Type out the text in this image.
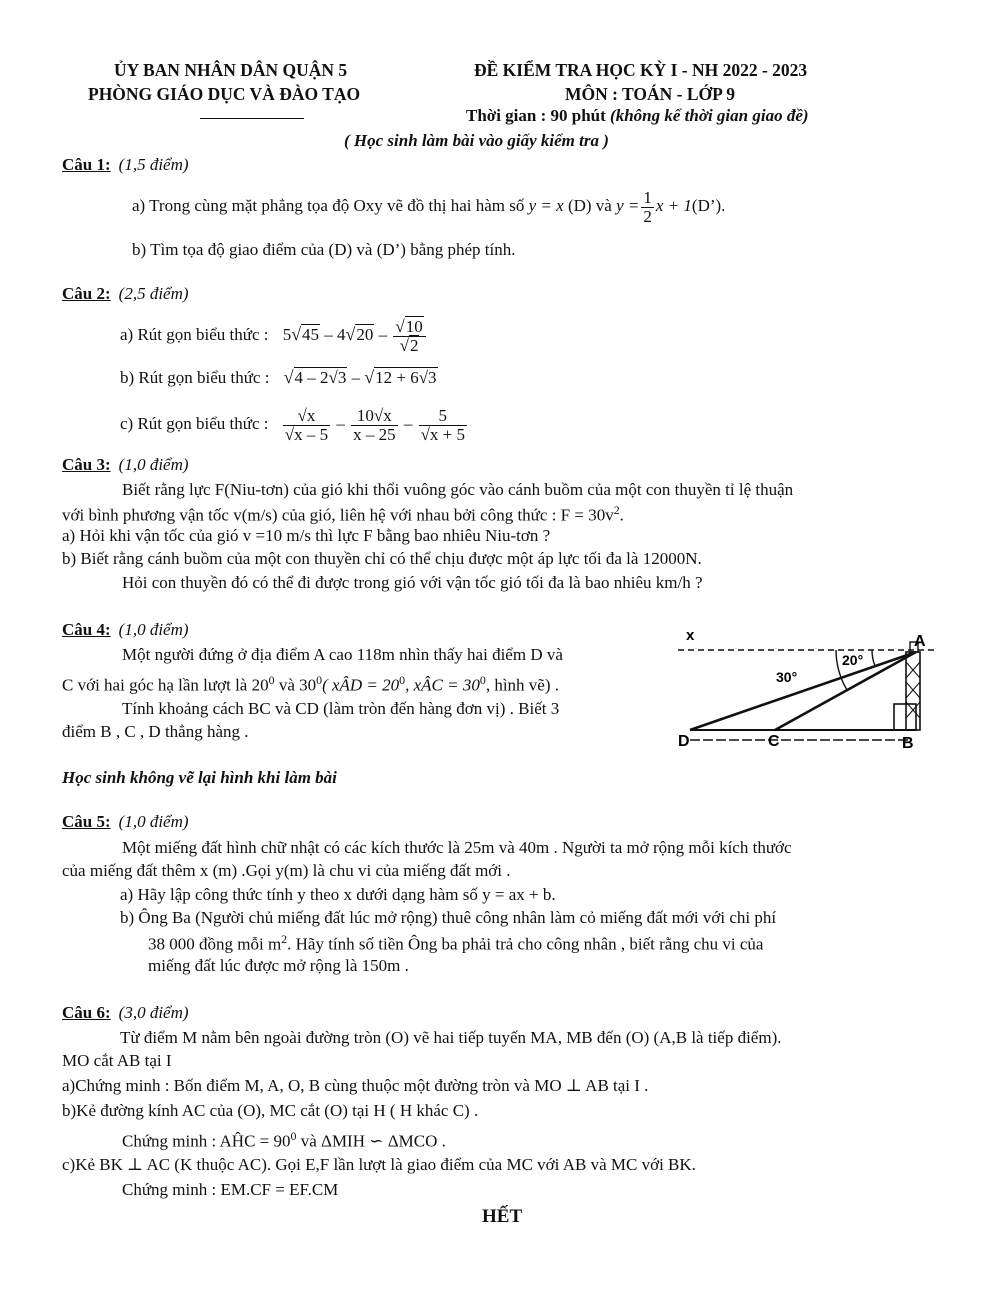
ỦY BAN NHÂN DÂN QUẬN 5
PHÒNG GIÁO DỤC VÀ ĐÀO TẠO
ĐỀ KIỂM TRA HỌC KỲ I - NH 2022 - 2023
MÔN : TOÁN - LỚP 9
Thời gian : 90 phút (không kể thời gian giao đề)
( Học sinh làm bài vào giấy kiểm tra )
Câu 1: (1,5 điểm)
a) Trong cùng mặt phẳng tọa độ Oxy vẽ đồ thị hai hàm số y = x (D) và $y = \frac{1}{2}$ x + 1(D’).
b) Tìm tọa độ giao điểm của (D) và (D’) bằng phép tính.
Câu 2: (2,5 điểm)
a) Rút gọn biểu thức : $5√45 - 4√20 - \frac{√10}{√2}$
b) Rút gọn biểu thức : √4 – 2√3 – √12 + 6√3
c) Rút gọn biểu thức : $\frac{√x}{√x - 5} - \frac{10√x}{x - 25} - \frac{5}{√x + 5}$
Câu 3: (1,0 điểm)
Biết rằng lực F(Niu-tơn) của gió khi thổi vuông góc vào cánh buồm của một con thuyền tỉ lệ thuận
với bình phương vận tốc v(m/s) của gió, liên hệ với nhau bởi công thức : $F = 30v^2$.
a) Hỏi khi vận tốc của gió v =10 m/s thì lực F bằng bao nhiêu Niu-tơn ?
b) Biết rằng cánh buồm của một con thuyền chỉ có thể chịu được một áp lực tối đa là 12000N.
Hỏi con thuyền đó có thể đi được trong gió với vận tốc gió tối đa là bao nhiêu km/h ?
Câu 4: (1,0 điểm)
Một người đứng ở địa điểm A cao 118m nhìn thấy hai điểm D và
C với hai góc hạ lần lượt là $20^0$ và $30^0$( xÂD = $20^0$, xÂC = $30^0$, hình vẽ) .
Tính khoảng cách BC và CD (làm tròn đến hàng đơn vị) . Biết 3
điểm B , C , D thẳng hàng .
Học sinh không vẽ lại hình khi làm bài
x	A
20°
30°
D	C	B
Câu 5: (1,0 điểm)
Một miếng đất hình chữ nhật có các kích thước là 25m và 40m . Người ta mở rộng mỗi kích thước
của miếng đất thêm x (m) .Gọi y(m) là chu vi của miếng đất mới .
a) Hãy lập công thức tính y theo x dưới dạng hàm số y = ax + b.
b) Ông Ba (Người chủ miếng đất lúc mở rộng) thuê công nhân làm cỏ miếng đất mới với chi phí
38 000 đồng mỗi $m^2$. Hãy tính số tiền Ông ba phải trả cho công nhân , biết rằng chu vi của
miếng đất lúc được mở rộng là 150m .
Câu 6: (3,0 điểm)
Từ điểm M nằm bên ngoài đường tròn (O) vẽ hai tiếp tuyến MA, MB đến (O) (A,B là tiếp điểm).
MO cắt AB tại I
a)Chứng minh : Bốn điểm M, A, O, B cùng thuộc một đường tròn và MO ⊥ AB tại I .
b)Kẻ đường kính AC của (O), MC cắt (O) tại H ( H khác C) .
Chứng minh : AĤC = $90^0$ và ΔMIH ∽ ΔMCO .
c)Kẻ BK ⊥ AC (K thuộc AC). Gọi E,F lần lượt là giao điểm của MC với AB và MC với BK.
Chứng minh : EM.CF = EF.CM
HẾT
